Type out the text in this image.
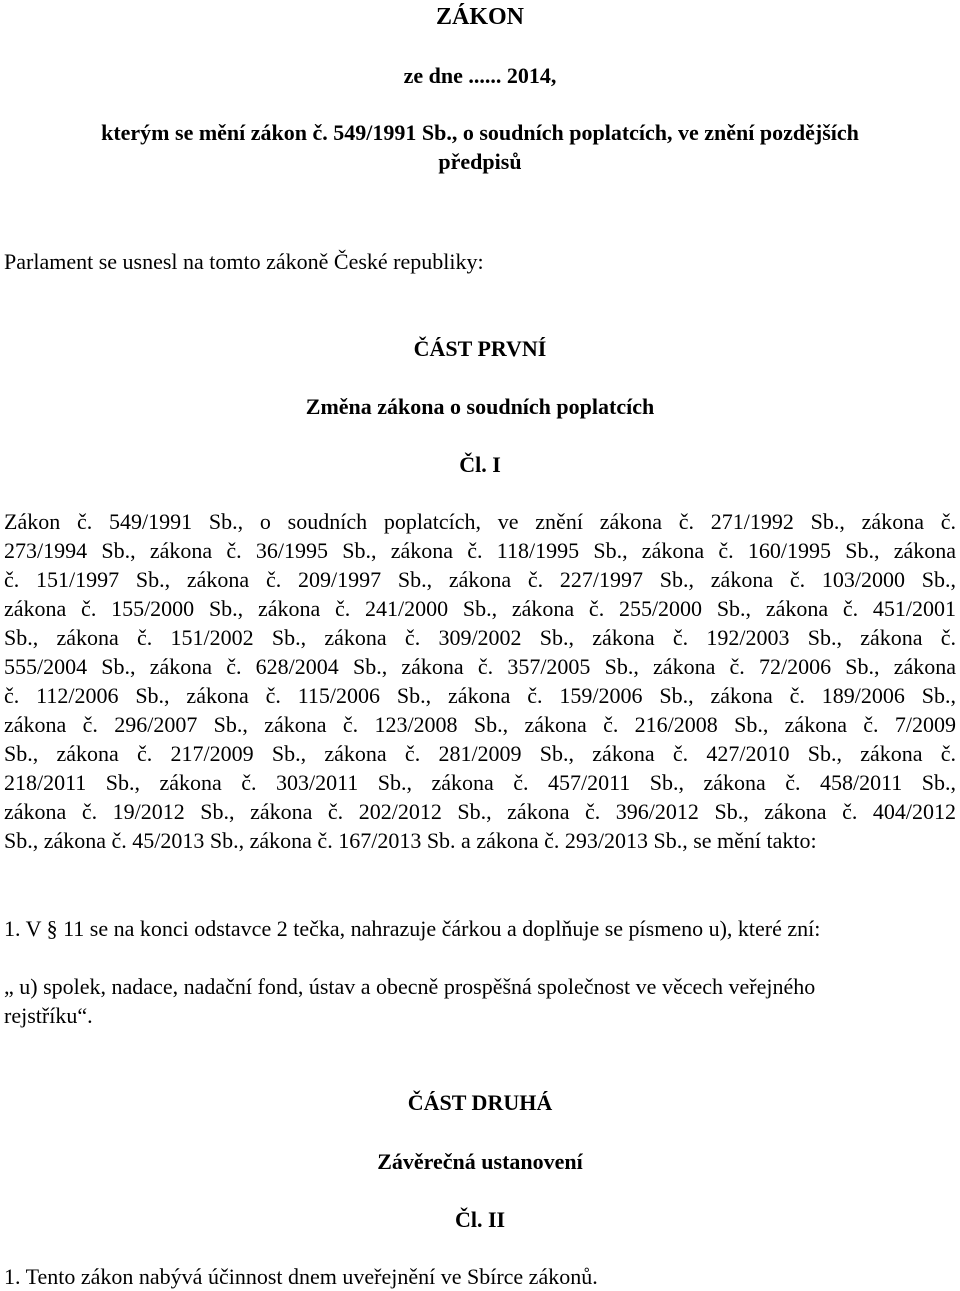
ZÁKON
ze dne ...... 2014,
kterým se mění zákon č. 549/1991 Sb., o soudních poplatcích, ve znění pozdějších
předpisů
Parlament se usnesl na tomto zákoně České republiky:
ČÁST PRVNÍ
Změna zákona o soudních poplatcích
Čl. I
Zákon č. 549/1991 Sb., o soudních poplatcích, ve znění zákona č. 271/1992 Sb., zákona č.
273/1994 Sb., zákona č. 36/1995 Sb., zákona č. 118/1995 Sb., zákona č. 160/1995 Sb., zákona
č. 151/1997 Sb., zákona č. 209/1997 Sb., zákona č. 227/1997 Sb., zákona č. 103/2000 Sb.,
zákona č. 155/2000 Sb., zákona č. 241/2000 Sb., zákona č. 255/2000 Sb., zákona č. 451/2001
Sb., zákona č. 151/2002 Sb., zákona č. 309/2002 Sb., zákona č. 192/2003 Sb., zákona č.
555/2004 Sb., zákona č. 628/2004 Sb., zákona č. 357/2005 Sb., zákona č. 72/2006 Sb., zákona
č. 112/2006 Sb., zákona č. 115/2006 Sb., zákona č. 159/2006 Sb., zákona č. 189/2006 Sb.,
zákona č. 296/2007 Sb., zákona č. 123/2008 Sb., zákona č. 216/2008 Sb., zákona č. 7/2009
Sb., zákona č. 217/2009 Sb., zákona č. 281/2009 Sb., zákona č. 427/2010 Sb., zákona č.
218/2011 Sb., zákona č. 303/2011 Sb., zákona č. 457/2011 Sb., zákona č. 458/2011 Sb.,
zákona č. 19/2012 Sb., zákona č. 202/2012 Sb., zákona č. 396/2012 Sb., zákona č. 404/2012
Sb., zákona č. 45/2013 Sb., zákona č. 167/2013 Sb. a zákona č. 293/2013 Sb., se mění takto:
1. V § 11 se na konci odstavce 2 tečka, nahrazuje čárkou a doplňuje se písmeno u), které zní:
„ u) spolek, nadace, nadační fond, ústav a obecně prospěšná společnost ve věcech veřejného
rejstříku“.
ČÁST DRUHÁ
Závěrečná ustanovení
Čl. II
1. Tento zákon nabývá účinnost dnem uveřejnění ve Sbírce zákonů.
